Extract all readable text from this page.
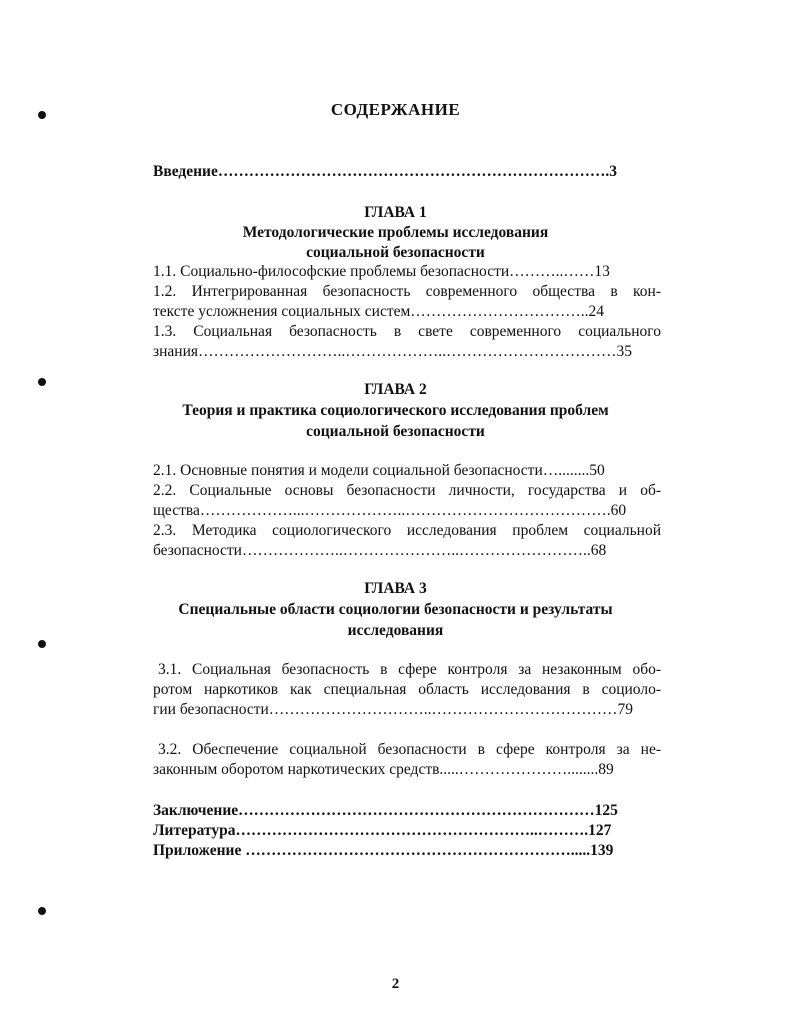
СОДЕРЖАНИЕ
Введение………………………………………………………………….3
ГЛАВА 1
Методологические проблемы исследования
социальной безопасности
1.1. Социально-философские проблемы безопасности………..……13
1.2. Интегрированная безопасность современного общества в кон-
тексте усложнения социальных систем……………………………..24
1.3. Социальная безопасность в свете современного социального
знания………………………..………………..……………………………35
ГЛАВА 2
Теория и практика социологического исследования проблем
социальной безопасности
2.1. Основные понятия и модели социальной безопасности…........50
2.2. Социальные основы безопасности личности, государства и об-
щества………………...………………..………………………………….60
2.3. Методика социологического исследования проблем социальной
безопасности………………..…………………..……………………..68
ГЛАВА 3
Специальные области социологии безопасности и результаты
исследования
3.1. Социальная безопасность в сфере контроля за незаконным обо-
ротом наркотиков как специальная область исследования в социоло-
гии безопасности…………………………..………………………………79
3.2. Обеспечение социальной безопасности в сфере контроля за не-
законным оборотом наркотических средств.....…………………........89
Заключение……………………………………………………………125
Литература…………………………………………………..……….127
Приложение ……………………………………………………….....139
2
